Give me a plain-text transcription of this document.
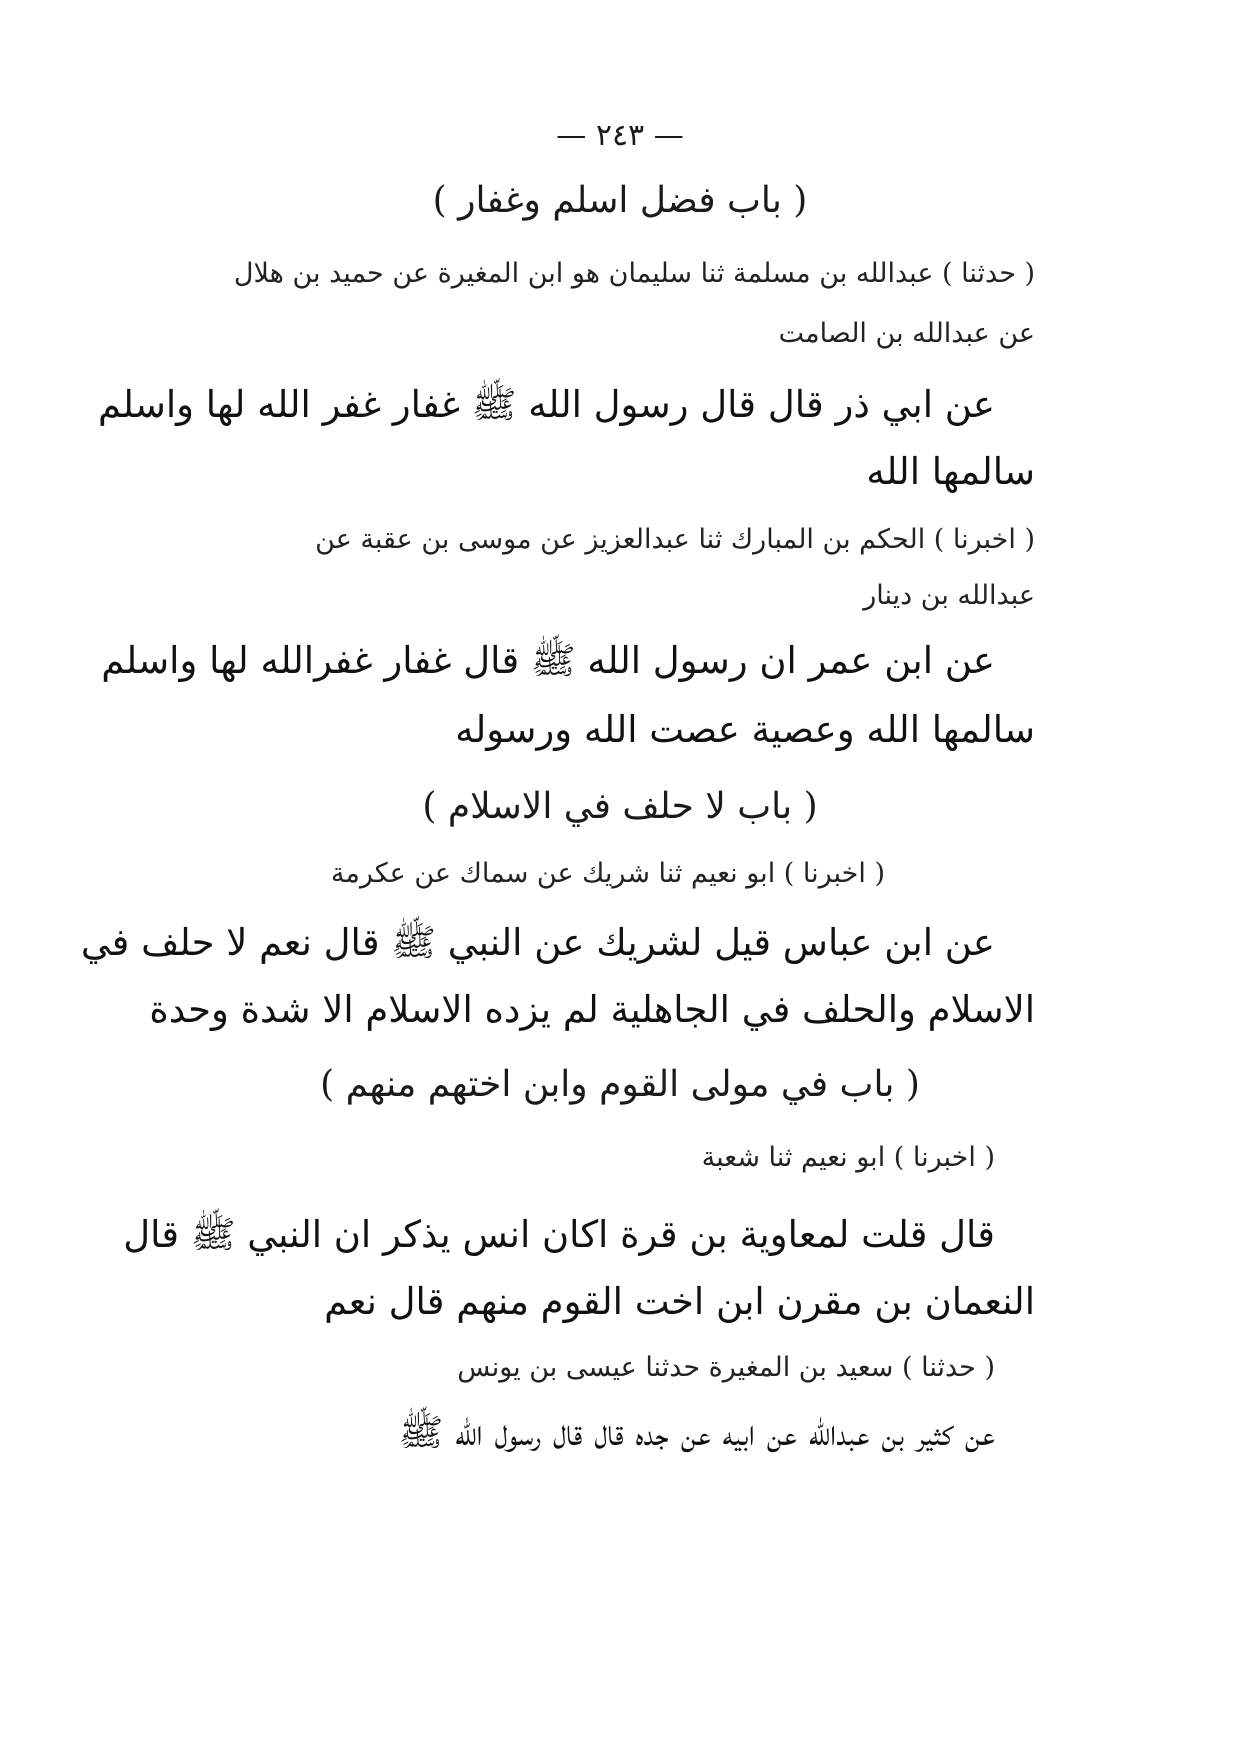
— ٢٤٣ —
( باب فضل اسلم وغفار )
( حدثنا ) عبدالله بن مسلمة ثنا سليمان هو ابن المغيرة عن حميد بن هلال
عن عبدالله بن الصامت
عن ابي ذر قال قال رسول الله ﷺ غفار غفر الله لها واسلم
سالمها الله
( اخبرنا ) الحكم بن المبارك ثنا عبدالعزيز عن موسى بن عقبة عن
عبدالله بن دينار
عن ابن عمر ان رسول الله ﷺ قال غفار غفرالله لها واسلم
سالمها الله وعصية عصت الله ورسوله
( باب لا حلف في الاسلام )
( اخبرنا ) ابو نعيم ثنا شريك عن سماك عن عكرمة
عن ابن عباس قيل لشريك عن النبي ﷺ قال نعم لا حلف في
الاسلام والحلف في الجاهلية لم يزده الاسلام الا شدة وحدة
( باب في مولى القوم وابن اختهم منهم )
( اخبرنا ) ابو نعيم ثنا شعبة
قال قلت لمعاوية بن قرة اكان انس يذكر ان النبي ﷺ قال
النعمان بن مقرن ابن اخت القوم منهم قال نعم
( حدثنا ) سعيد بن المغيرة حدثنا عيسى بن يونس
عن كثير بن عبدالله عن ابيه عن جده قال قال رسول الله ﷺ
